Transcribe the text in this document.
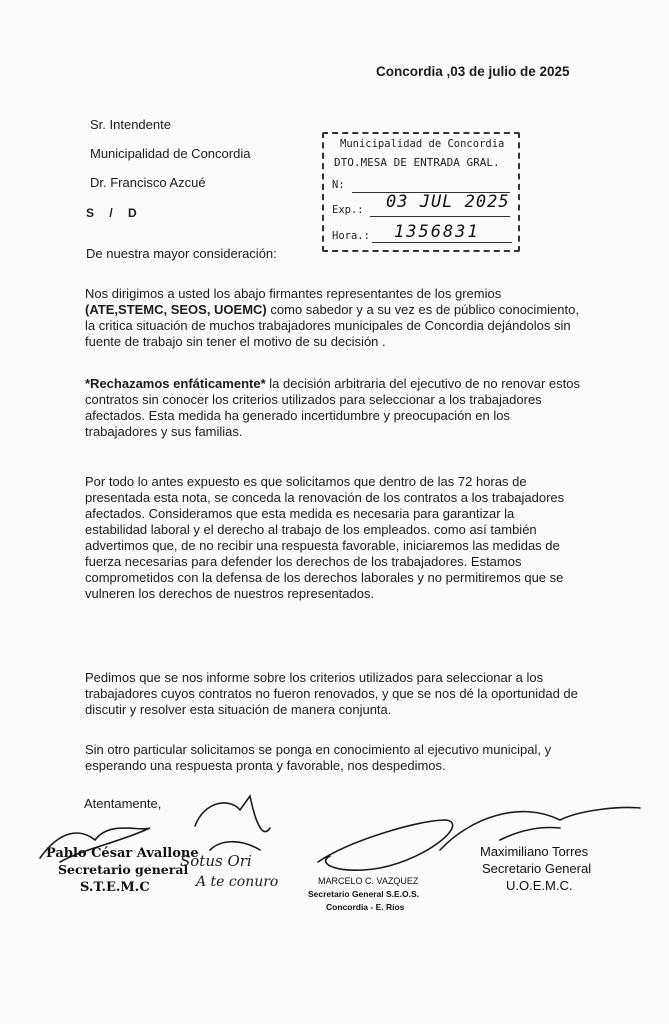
Concordia ,03 de julio de 2025
Sr. Intendente
Municipalidad de Concordia
Dr. Francisco Azcué
S / D
Municipalidad de Concordia
DTO.MESA DE ENTRADA GRAL.
N:
Exp.: 03 JUL 2025
Hora.: 1356831
De nuestra mayor consideración:

Nos dirigimos a usted los abajo firmantes representantes de los gremios (ATE,STEMC, SEOS, UOEMC) como sabedor y a su vez es de público conocimiento, la critica situación de muchos trabajadores municipales de Concordia dejándolos sin fuente de trabajo sin tener el motivo de su decisión .

*Rechazamos enfáticamente* la decisión arbitraria del ejecutivo de no renovar estos contratos sin conocer los criterios utilizados para seleccionar a los trabajadores afectados. Esta medida ha generado incertidumbre y preocupación en los trabajadores y sus familias.

Por todo lo antes expuesto es que solicitamos que dentro de las 72 horas de presentada esta nota, se conceda la renovación de los contratos a los trabajadores afectados. Consideramos que esta medida es necesaria para garantizar la estabilidad laboral y el derecho al trabajo de los empleados. como así también advertimos que, de no recibir una respuesta favorable, iniciaremos las medidas de fuerza necesarias para defender los derechos de los trabajadores. Estamos comprometidos con la defensa de los derechos laborales y no permitiremos que se vulneren los derechos de nuestros representados.

Pedimos que se nos informe sobre los criterios utilizados para seleccionar a los trabajadores cuyos contratos no fueron renovados, y que se nos dé la oportunidad de discutir y resolver esta situación de manera conjunta.

Sin otro particular solicitamos se ponga en conocimiento al ejecutivo municipal, y esperando una respuesta pronta y favorable, nos despedimos.

Atentamente,
Pablo César Avallone
Secretario general
S.T.E.M.C
Sotus Ori
A te conuro	MARCELO C. VAZQUEZ
Secretario General S.E.O.S.
Concordia - E. Ríos
Maximiliano Torres
Secretario General
U.O.E.M.C.
